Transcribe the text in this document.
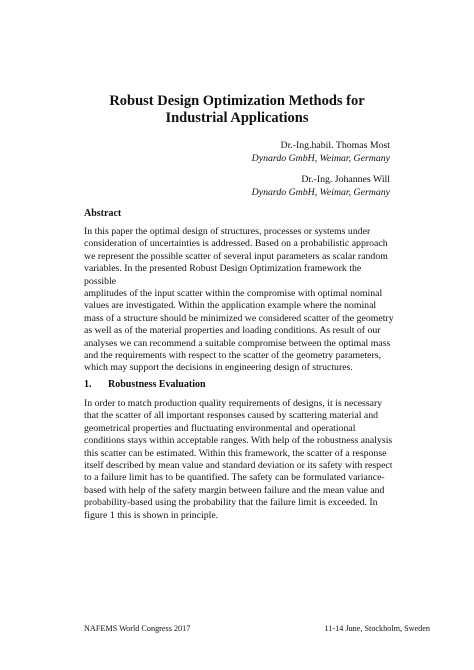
Robust Design Optimization Methods for
Industrial Applications
Dr.-Ing.habil. Thomas Most
Dynardo GmbH, Weimar, Germany
Dr.-Ing. Johannes Will
Dynardo GmbH, Weimar, Germany
Abstract
In this paper the optimal design of structures, processes or systems under
consideration of uncertainties is addressed. Based on a probabilistic approach
we represent the possible scatter of several input parameters as scalar random
variables. In the presented Robust Design Optimization framework the possible
amplitudes of the input scatter within the compromise with optimal nominal
values are investigated. Within the application example where the nominal
mass of a structure should be minimized we considered scatter of the geometry
as well as of the material properties and loading conditions. As result of our
analyses we can recommend a suitable compromise between the optimal mass
and the requirements with respect to the scatter of the geometry parameters,
which may support the decisions in engineering design of structures.
1. Robustness Evaluation
In order to match production quality requirements of designs, it is necessary
that the scatter of all important responses caused by scattering material and
geometrical properties and fluctuating environmental and operational
conditions stays within acceptable ranges. With help of the robustness analysis
this scatter can be estimated. Within this framework, the scatter of a response
itself described by mean value and standard deviation or its safety with respect
to a failure limit has to be quantified. The safety can be formulated variance-
based with help of the safety margin between failure and the mean value and
probability-based using the probability that the failure limit is exceeded. In
figure 1 this is shown in principle.
NAFEMS World Congress 2017	11-14 June, Stockholm, Sweden
